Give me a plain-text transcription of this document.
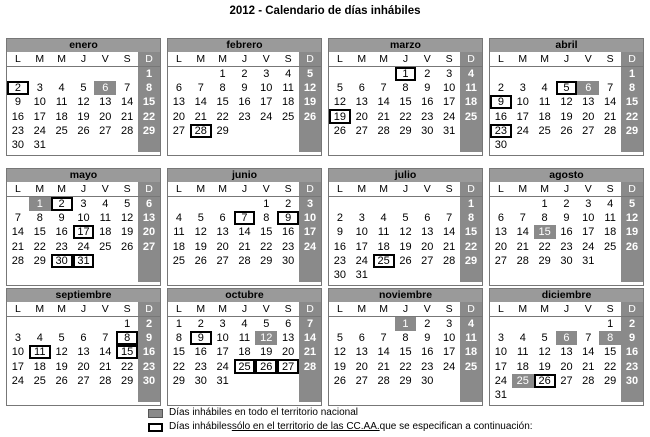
2012 - Calendario de días inhábiles
enero
L	M	M	J	V	S	D
						1
2	3	4	5	6	7	8
9	10	11	12	13	14	15
16	17	18	19	20	21	22
23	24	25	26	27	28	29
30	31					
febrero
L	M	M	J	V	S	D
		1	2	3	4	5
6	7	8	9	10	11	12
13	14	15	16	17	18	19
20	21	22	23	24	25	26
27	28	29				

marzo
L	M	M	J	V	S	D
			1	2	3	4
5	6	7	8	9	10	11
12	13	14	15	16	17	18
19	20	21	22	23	24	25
26	27	28	29	30	31	

abril
L	M	M	J	V	S	D
						1
2	3	4	5	6	7	8
9	10	11	12	13	14	15
16	17	18	19	20	21	22
23	24	25	26	27	28	29
30						
mayo
L	M	M	J	V	S	D
	1	2	3	4	5	6
7	8	9	10	11	12	13
14	15	16	17	18	19	20
21	22	23	24	25	26	27
28	29	30	31			

junio
L	M	M	J	V	S	D
				1	2	3
4	5	6	7	8	9	10
11	12	13	14	15	16	17
18	19	20	21	22	23	24
25	26	27	28	29	30	

julio
L	M	M	J	V	S	D
						1
2	3	4	5	6	7	8
9	10	11	12	13	14	15
16	17	18	19	20	21	22
23	24	25	26	27	28	29
30	31					
agosto
L	M	M	J	V	S	D
		1	2	3	4	5
6	7	8	9	10	11	12
13	14	15	16	17	18	19
20	21	22	23	24	25	26
27	28	29	30	31		

septiembre
L	M	M	J	V	S	D
					1	2
3	4	5	6	7	8	9
10	11	12	13	14	15	16
17	18	19	20	21	22	23
24	25	26	27	28	29	30

octubre
L	M	M	J	V	S	D
1	2	3	4	5	6	7
8	9	10	11	12	13	14
15	16	17	18	19	20	21
22	23	24	25	26	27	28
29	30	31				

noviembre
L	M	M	J	V	S	D
			1	2	3	4
5	6	7	8	9	10	11
12	13	14	15	16	17	18
19	20	21	22	23	24	25
26	27	28	29	30		

diciembre
L	M	M	J	V	S	D
					1	2
3	4	5	6	7	8	9
10	11	12	13	14	15	16
17	18	19	20	21	22	23
24	25	26	27	28	29	30
31						
Días inhábiles en todo el territorio nacional
Días inhábiles sólo en el territorio de las CC.AA. que se especifican a continuación:
